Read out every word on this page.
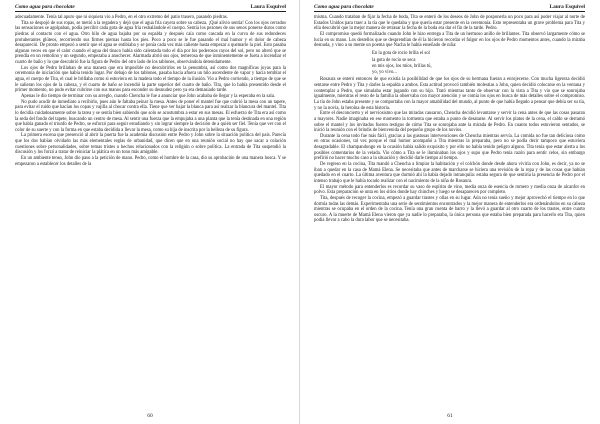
Como agua para chocolate	Laura Esquivel

adecuadamente. Tenía tal apuro que ni siquiera vio a Pedro, en el otro extremo del patio trasero, pasando piedras.

Tita se despojó de sus ropas, se metió a la regadera y dejó que el agua fría cayera sobre su cabeza. ¡Qué alivio sentía! Con los ojos cerrados las sensaciones se agolpaban, podía percibir cada gota de agua fría resbalándole el cuerpo. Sentía los pezones de sus senos ponerse duros como piedras al contacto con el agua. Otro hilo de agua bajaba por su espalda y después caía como cascada en la curva de sus redondeces protuberantes glúteos, recorriendo sus firmes piernas hasta los pies. Poco a poco se le fue pasando el mal humor y el dolor de cabeza desapareció. De pronto empezó a sentir que el agua se entibiaba y se ponía cada vez más caliente hasta empezar a quemarle la piel. Esto pasaba algunas veces en que el calor cuando el agua del tinaco había sido calentada todo el día por los poderosos rayos del sol, pero no alteró que se prendía en un remolino y un segundo, empezaba a anochecer. Alarmada abrió sus ojos, temerosa de que inminentemente se fuera a incendiar el cuarto de baño y lo que descubrió fue la figura de Pedro del otro lado de los tablones, observándola detenidamente.

Los ojos de Pedro brillaban de una manera que era imposible no descubrirlos en la penumbra, así como dos magníficas joyas para la ceremonia de iniciación que había tenido lugar. Por debajo de los tablones, pasaba hacia afuera un hilo ascendente de vapor y hacía temblar el agua, el cuerpo de Tita, el cual le brillaba como si estuviera en la madera todo el tiempo de la ilusión. Vio a Pedro corriendo, a tiempo de que se le salieran los ojos de la cabeza, y el cuarto de baño se incendió la parte superior del cuarto de baño. Tita, que lo había presentido desde el primer momento, no pudo evitar cubrirse con sus manos para esconder su desnudez pero ya era demasiado tarde.

Apenas le dio tiempo de terminar con su arreglo, cuando Chencha le fue a anunciar que John acababa de llegar y la esperaba en la sala.

No pudo acudir de inmediato a recibirlo, pues aún le faltaba peinar la mesa. Antes de poner el mantel fue que cubrió la mesa con un tapete, para evitar el ruido que hacían los copas y vajilla al chocar contra ella. Tiene que ver bajar la blanca para así realzar la blancura del mantel. Tita lo decidía cuidadosamente sobre la tarea y se sentía bien sabiendo que solo se acostumbra a estar en sus mesas. El esfuerzo de Tita era así como la seda del fondo del tapete, buscando un centro de mesa. Al sentir una fuerza que la empujaba a una planta que la tenía destinada en una región que había ganado el triunfo de Pedro, se esforzó para seguir estudiando y sin lograr siempre la decisión de a quién ser fiel. Tenía que ver con el color de su suerte y con la forma en que estaba decidida a llevar la mesa, como su hija de inscrita por la belleza de su figura.

La primera escena que presenció al abrir la puerta fue la academia discusión entre Pedro y John sobre la situación política del país. Parecía que los dos habían olvidado las más elementales reglas de urbanidad, que dicen que en una reunión social no hay que sacar a colación cuestiones sobre personalidades, sobre temas tristes o hechos relacionados con la religión o sobre política. La entrada de Tita suspendió la discusión y los forzó a tratar de reiniciar la plática en un tono más amigable.

En un ambiente tenso, John dio paso a la petición de mano. Pedro, como el hombre de la casa, dio su aprobación de una manera hosca. Y se empezaron a establecer los detalles de la

60
Como agua para chocolate	Laura Esquivel

misma. Cuando trataban de fijar la fecha de boda, Tita se enteró de los deseos de John de posponerla un poco para así poder viajar al norte de Estados Unidos para traer a la tía que le quedaba y que quería estar presente en la ceremonia. Esto representaba un grave problema para Tita y ella descubrió que la mejor manera de retrasar la fecha de la boda era dar el fin de la tarde. Pedro.

El compromiso quedó formalizado cuando John le hizo entrega a Tita de un hermoso anillo de brillantes. Tita observó largamente cómo se lucía en su mano. Los destellos que se desprendían de él la hicieron recordar el fulgor en los ojos de Pedro momentos antes, cuando la miraba desnuda, y vino a su mente un poema que Nacha le había enseñado de niña:

En la gota de rocío brilla el sol

la gota de rocío se seca

en mis ojos, los míos, brillas tú,

yo, yo vivo...

Rosaura se enteró entonces de que existía la posibilidad de que los ojos de su hermana fueran a enrojecerse. Con mucha ligereza decidió sentarse entre Pedro y Tita y darles la espalda a ambos. Esta actitud provocó también molestias a John, quien decidió colocarse en la ventana y contemplar a Pedro, que simulaba estar jugando con su hijo. Trató mientras tanto de observar con la vista a Tita y vio que se sonrojaba igualmente, mientras el resto de la familia la observaba con mayor atención y se comía los ojos en busca de más detalles sobre el compromiso. La tía de John estaba presente y se comportaba con la mayor amabilidad del mundo, al punto de que había llegado a pensar que debía ser su tía, y no la novia, la heroína de esta historia.

Entre el desconcierto y el nerviosismo que las miradas causaron, Chencha decidió levantarse y servir la cena antes de que las cosas pasaran a mayores. Nadie imaginaba en ese momento la tormenta que estaba a punto de desatarse. Al servir los platos de la cena, el caldo se derramó sobre el mantel y los invitados fueron testigos de cómo Tita se sonrojaba ante la mirada de Pedro. En cuanto todos estuvieron sentados, se inició la reunión con el brindis de bienvenida del pequeño grupo de los novios.

Durante la cena todo fue más fácil, gracias a las gustosas intervenciones de Chencha mientras servía. La comida no fue tan deliciosa como en otras ocasiones, tal vez porque el mal humor acompañó a Tita mientras la preparaba, pero no se podía decir tampoco que estuviera desagradable. El champandongo en la ocasión había salido exquisito y por ello no había tenido peligro alguno. Tita tenía que estar alerta a los posibles comentarios de la velada. Vio cómo a Tita se le iluminaban los ojos y supo que Pedro tenía razón para sentir celos, sin embargo prefirió no hacer mucho caso a la situación y decidió darle tiempo al tiempo.

De regreso en la cocina, Tita mandó a Chencha a limpiar la habitación y el colchón donde desde ahora viviría con John, es decir, ya no se iban a quedar en la casa de Mamá Elena. Se necesitaba que antes de marcharse se hiciera una revisión de la ropa y de las cosas que habían quedado en el cuarto. La última aventura que durmió ahí la había dejado intranquila: estaba segura de que sentiría la presencia de Pedro por el intenso trabajo que le había tocado realizar con el nacimiento de la niña de Rosaura.

El mayor método para entenderlos es recordar su vaso de espíritu de vino, media onza de esencia de romero y media onza de alcanfor en polvo. Esta preparación se unta en los sitios donde hay chinches y luego se desaparecen por completo.

Tita, después de recoger la cocina, empezó a guardar trastes y ollas en su lugar. Aún no tenía sueño y mejor aprovechó el tiempo en lo que dormía todas las demás. Experimentaba una serie de sentimientos encontrados y la mejor manera de entenderlos era ordenándolos en su cabeza mientras se ocupaba en el orden de la cocina. Tenía una gran cuenta de barro y la llevó a guardar al otro cuarto de los trastes, entre cuarto oscuro. A la muerte de Mamá Elena vieron que ya nadie lo preparaba, la única persona que estaba bien preparada para hacerlo era Tita, quien podía llevar a cabo la dura labor que se necesitaba.

61
